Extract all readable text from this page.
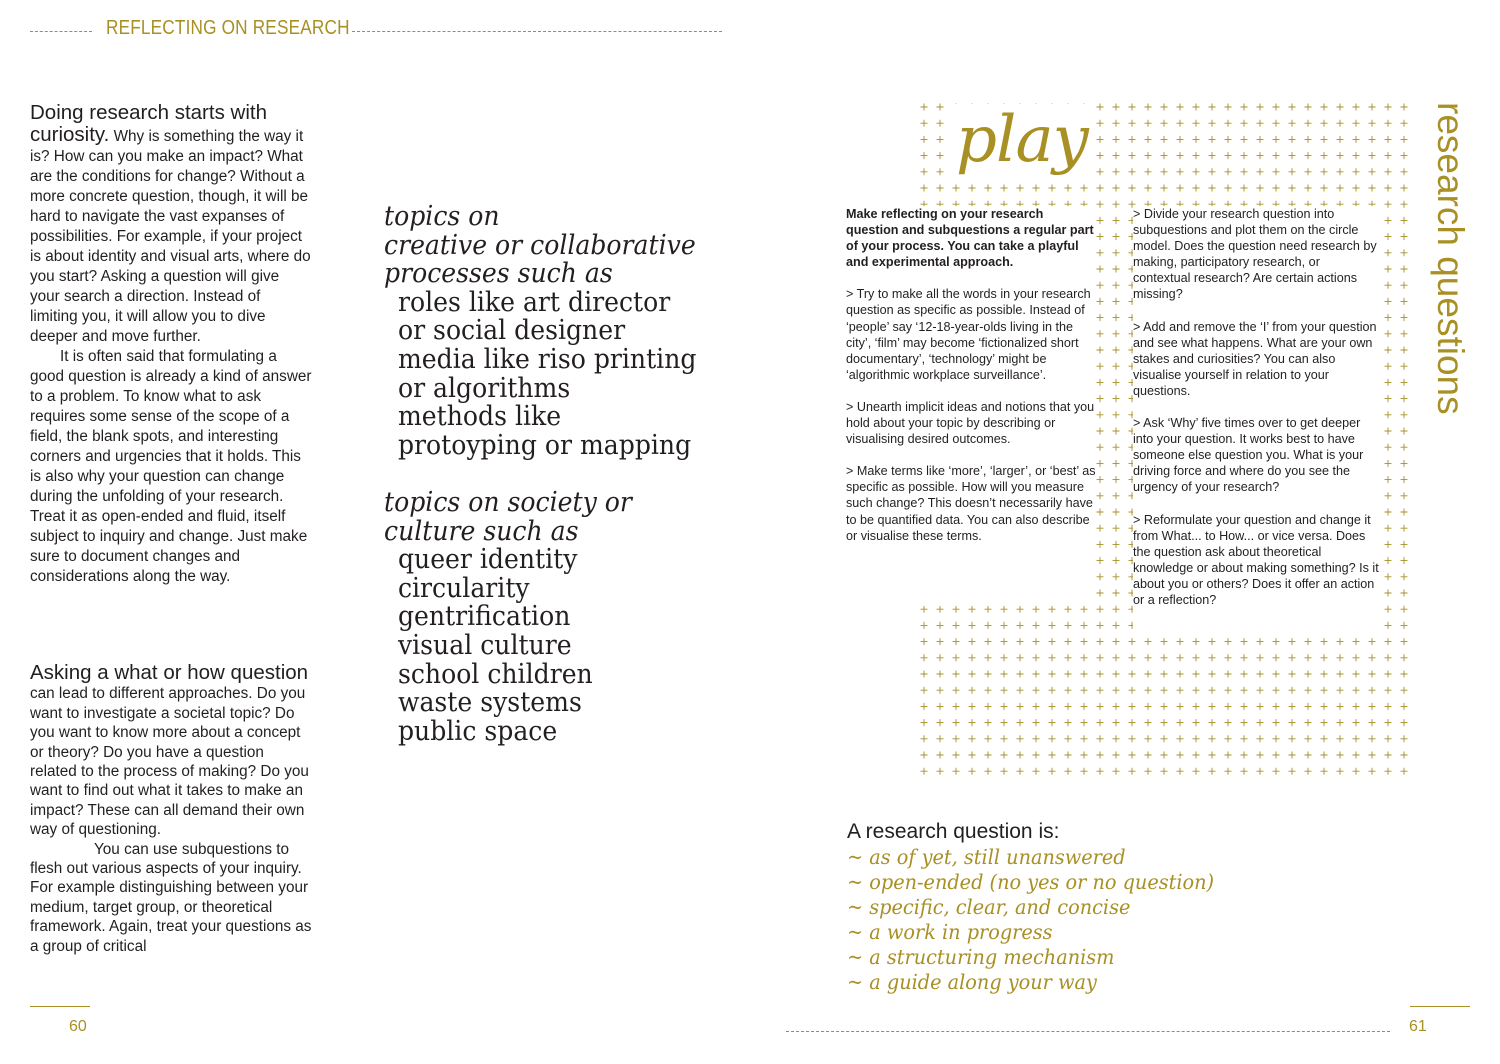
REFLECTING ON RESEARCH

Doing research starts with curiosity. Why is something the way it is? How can you make an impact? What are the conditions for change? Without a more concrete question, though, it will be hard to navigate the vast expanses of possibilities. For example, if your project is about identity and visual arts, where do you start? Asking a question will give your search a direction. Instead of limiting you, it will allow you to dive deeper and move further.

It is often said that formulating a good question is already a kind of answer to a problem. To know what to ask requires some sense of the scope of a field, the blank spots, and interesting corners and urgencies that it holds. This is also why your question can change during the unfolding of your research. Treat it as open-ended and fluid, itself subject to inquiry and change. Just make sure to document changes and considerations along the way.

Asking a what or how question can lead to different approaches. Do you want to investigate a societal topic? Do you want to know more about a concept or theory? Do you have a question related to the process of making? Do you want to find out what it takes to make an impact? These can all demand their own way of questioning.

You can use subquestions to flesh out various aspects of your inquiry. For example distinguishing between your medium, target group, or theoretical framework. Again, treat your questions as a group of critical

topics on
creative or collaborative
processes such as
roles like art director
or social designer
media like riso printing
or algorithms
methods like
protoyping or mapping
topics on society or
culture such as
queer identity
circularity
gentrification
visual culture
school children
waste systems
public space
play	research questions

Make reflecting on your research question and subquestions a regular part of your process. You can take a playful and experimental approach.

> Try to make all the words in your research question as specific as possible. Instead of ‘people’ say ‘12-18-year-olds living in the city’, ‘film’ may become ‘fictionalized short documentary’, ‘technology’ might be ‘algorithmic workplace surveillance’.

> Unearth implicit ideas and notions that you hold about your topic by describing or visualising desired outcomes.

> Make terms like ‘more’, ‘larger’, or ‘best’ as specific as possible. How will you measure such change? This doesn’t necessarily have to be quantified data. You can also describe or visualise these terms.

> Divide your research question into subquestions and plot them on the circle model. Does the question need research by making, participatory research, or contextual research? Are certain actions missing?

> Add and remove the ‘I’ from your question and see what happens. What are your own stakes and curiosities? You can also visualise yourself in relation to your questions.

> Ask ‘Why’ five times over to get deeper into your question. It works best to have someone else question you. What is your driving force and where do you see the urgency of your research?

> Reformulate your question and change it from What... to How... or vice versa. Does the question ask about theoretical knowledge or about making something? Is it about you or others? Does it offer an action or a reflection?

A research question is:
~ as of yet, still unanswered
~ open-ended (no yes or no question)
~ specific, clear, and concise
~ a work in progress
~ a structuring mechanism
~ a guide along your way
60	61
